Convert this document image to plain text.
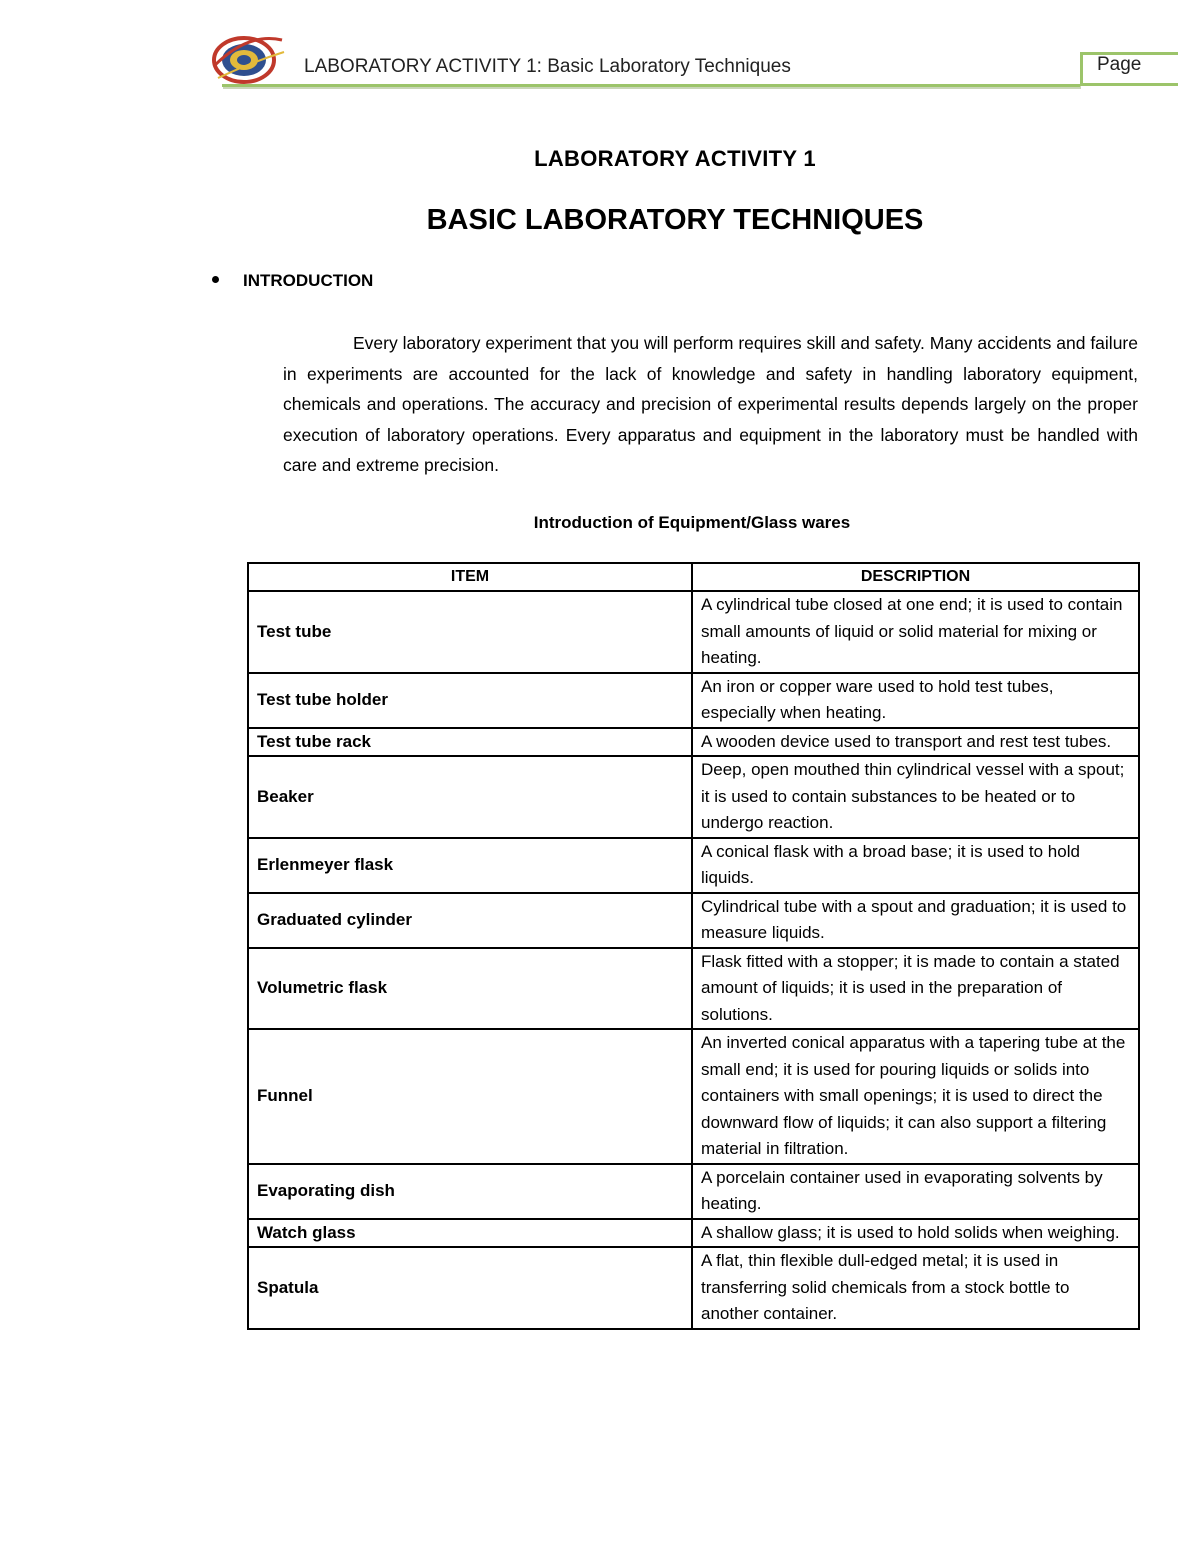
LABORATORY ACTIVITY 1: Basic Laboratory Techniques	Page
LABORATORY ACTIVITY 1
BASIC LABORATORY TECHNIQUES
INTRODUCTION
Every laboratory experiment that you will perform requires skill and safety. Many accidents and failure in experiments are accounted for the lack of knowledge and safety in handling laboratory equipment, chemicals and operations. The accuracy and precision of experimental results depends largely on the proper execution of laboratory operations. Every apparatus and equipment in the laboratory must be handled with care and extreme precision.
Introduction of Equipment/Glass wares
ITEM	DESCRIPTION
Test tube	A cylindrical tube closed at one end; it is used to contain small amounts of liquid or solid material for mixing or heating.
Test tube holder	An iron or copper ware used to hold test tubes, especially when heating.
Test tube rack	A wooden device used to transport and rest test tubes.
Beaker	Deep, open mouthed thin cylindrical vessel with a spout; it is used to contain substances to be heated or to undergo reaction.
Erlenmeyer flask	A conical flask with a broad base; it is used to hold liquids.
Graduated cylinder	Cylindrical tube with a spout and graduation; it is used to measure liquids.
Volumetric flask	Flask fitted with a stopper; it is made to contain a stated amount of liquids; it is used in the preparation of solutions.
Funnel	An inverted conical apparatus with a tapering tube at the small end; it is used for pouring liquids or solids into containers with small openings; it is used to direct the downward flow of liquids; it can also support a filtering material in filtration.
Evaporating dish	A porcelain container used in evaporating solvents by heating.
Watch glass	A shallow glass; it is used to hold solids when weighing.
Spatula	A flat, thin flexible dull-edged metal; it is used in transferring solid chemicals from a stock bottle to another container.
